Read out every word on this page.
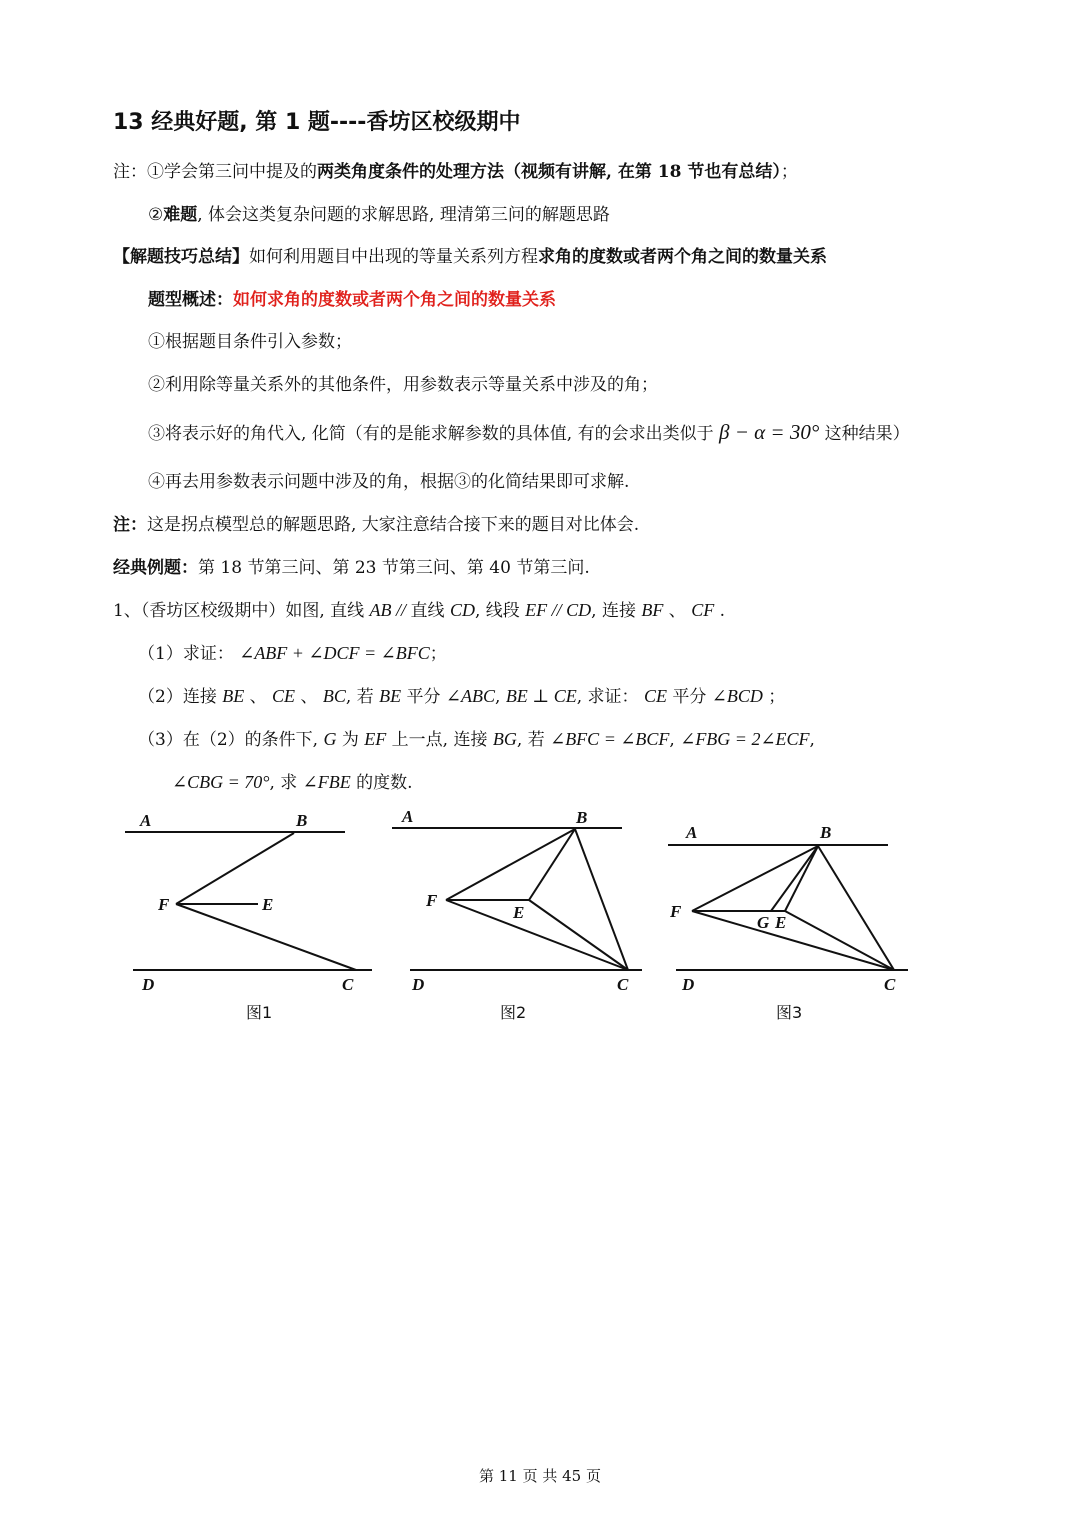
13 经典好题, 第 1 题----香坊区校级期中
注：①学会第三问中提及的两类角度条件的处理方法（视频有讲解, 在第 18 节也有总结）；
②难题, 体会这类复杂问题的求解思路, 理清第三问的解题思路
【解题技巧总结】如何利用题目中出现的等量关系列方程求角的度数或者两个角之间的数量关系
题型概述：如何求角的度数或者两个角之间的数量关系
①根据题目条件引入参数；
②利用除等量关系外的其他条件，用参数表示等量关系中涉及的角；
③将表示好的角代入, 化简（有的是能求解参数的具体值, 有的会求出类似于 β − α = 30° 这种结果）
④再去用参数表示问题中涉及的角，根据③的化简结果即可求解.
注：这是拐点模型总的解题思路, 大家注意结合接下来的题目对比体会.
经典例题：第 18 节第三问、第 23 节第三问、第 40 节第三问.
1、（香坊区校级期中）如图, 直线 AB // 直线 CD, 线段 EF // CD, 连接 BF 、 CF .
（1）求证： ∠ABF + ∠DCF = ∠BFC；
（2）连接 BE 、 CE 、 BC, 若 BE 平分 ∠ABC, BE ⊥ CE, 求证： CE 平分 ∠BCD ；
（3）在（2）的条件下, G 为 EF 上一点, 连接 BG, 若 ∠BFC = ∠BCF, ∠FBG = 2∠ECF,
∠CBG = 70°, 求 ∠FBE 的度数.
A	B
F	E
D	C
图1
A	B
F
E
D	C
图2
A	B
F
G E
D	C
图3
第 11 页 共 45 页
